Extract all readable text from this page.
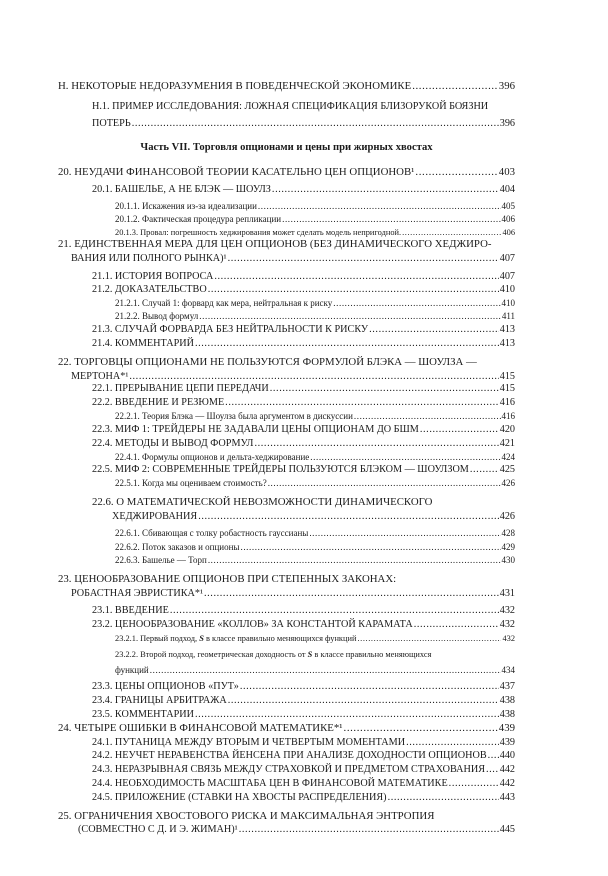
Н. НЕКОТОРЫЕ НЕДОРАЗУМЕНИЯ В ПОВЕДЕНЧЕСКОЙ ЭКОНОМИКЕ .....	396
Н.1. ПРИМЕР ИССЛЕДОВАНИЯ: ЛОЖНАЯ СПЕЦИФИКАЦИЯ БЛИЗОРУКОЙ БОЯЗНИ
ПОТЕРЬ .....	396
Часть VII. Торговля опционами и цены при жирных хвостах
20. НЕУДАЧИ ФИНАНСОВОЙ ТЕОРИИ КАСАТЕЛЬНО ЦЕН ОПЦИОНОВ¹ .....	403
20.1. БАШЕЛЬЕ, А НЕ БЛЭК — ШОУЛЗ .....	404
20.1.1. Искажения из-за идеализации .....	405
20.1.2. Фактическая процедура репликации .....	406
20.1.3. Провал: погрешность хеджирования может сделать модель непригодной. .....	406
21. ЕДИНСТВЕННАЯ МЕРА ДЛЯ ЦЕН ОПЦИОНОВ (БЕЗ ДИНАМИЧЕСКОГО ХЕДЖИРО-
ВАНИЯ ИЛИ ПОЛНОГО РЫНКА)¹ .....	407
21.1. ИСТОРИЯ ВОПРОСА .....	407
21.2. ДОКАЗАТЕЛЬСТВО .....	410
21.2.1. Случай 1: форвард как мера, нейтральная к риску .....	410
21.2.2. Вывод формул .....	411
21.3. СЛУЧАЙ ФОРВАРДА БЕЗ НЕЙТРАЛЬНОСТИ К РИСКУ .....	413
21.4. КОММЕНТАРИЙ .....	413
22. ТОРГОВЦЫ ОПЦИОНАМИ НЕ ПОЛЬЗУЮТСЯ ФОРМУЛОЙ БЛЭКА — ШОУЛЗА —
МЕРТОНА*¹ .....	415
22.1. ПРЕРЫВАНИЕ ЦЕПИ ПЕРЕДАЧИ .....	415
22.2. ВВЕДЕНИЕ И РЕЗЮМЕ .....	416
22.2.1. Теория Блэка — Шоулза была аргументом в дискуссии .....	416
22.3. МИФ 1: ТРЕЙДЕРЫ НЕ ЗАДАВАЛИ ЦЕНЫ ОПЦИОНАМ ДО БШМ .....	420
22.4. МЕТОДЫ И ВЫВОД ФОРМУЛ .....	421
22.4.1. Формулы опционов и дельта-хеджирование .....	424
22.5. МИФ 2: СОВРЕМЕННЫЕ ТРЕЙДЕРЫ ПОЛЬЗУЮТСЯ БЛЭКОМ — ШОУЛЗОМ .....	425
22.5.1. Когда мы оцениваем стоимость? .....	426
22.6. О МАТЕМАТИЧЕСКОЙ НЕВОЗМОЖНОСТИ ДИНАМИЧЕСКОГО
ХЕДЖИРОВАНИЯ .....	426
22.6.1. Сбивающая с толку робастность гауссианы .....	428
22.6.2. Поток заказов и опционы .....	429
22.6.3. Башелье — Торп .....	430
23. ЦЕНООБРАЗОВАНИЕ ОПЦИОНОВ ПРИ СТЕПЕННЫХ ЗАКОНАХ:
РОБАСТНАЯ ЭВРИСТИКА*¹ .....	431
23.1. ВВЕДЕНИЕ .....	432
23.2. ЦЕНООБРАЗОВАНИЕ «КОЛЛОВ» ЗА КОНСТАНТОЙ КАРАМАТА .....	432
23.2.1. Первый подход, S в классе правильно меняющихся функций .....	432
23.2.2. Второй подход, геометрическая доходность от S в классе правильно меняющихся
функций .....	434
23.3. ЦЕНЫ ОПЦИОНОВ «ПУТ» .....	437
23.4. ГРАНИЦЫ АРБИТРАЖА .....	438
23.5. КОММЕНТАРИИ .....	438
24. ЧЕТЫРЕ ОШИБКИ В ФИНАНСОВОЙ МАТЕМАТИКЕ*¹ .....	439
24.1. ПУТАНИЦА МЕЖДУ ВТОРЫМ И ЧЕТВЕРТЫМ МОМЕНТАМИ .....	439
24.2. НЕУЧЕТ НЕРАВЕНСТВА ЙЕНСЕНА ПРИ АНАЛИЗЕ ДОХОДНОСТИ ОПЦИОНОВ ..... 440
24.3. НЕРАЗРЫВНАЯ СВЯЗЬ МЕЖДУ СТРАХОВКОЙ И ПРЕДМЕТОМ СТРАХОВАНИЯ ..... 442
24.4. НЕОБХОДИМОСТЬ МАСШТАБА ЦЕН В ФИНАНСОВОЙ МАТЕМАТИКЕ .....	442
24.5. ПРИЛОЖЕНИЕ (СТАВКИ НА ХВОСТЫ РАСПРЕДЕЛЕНИЯ) .....	443
25. ОГРАНИЧЕНИЯ ХВОСТОВОГО РИСКА И МАКСИМАЛЬНАЯ ЭНТРОПИЯ
(СОВМЕСТНО С Д. И Э. ЖИМАН)¹ .....	445
